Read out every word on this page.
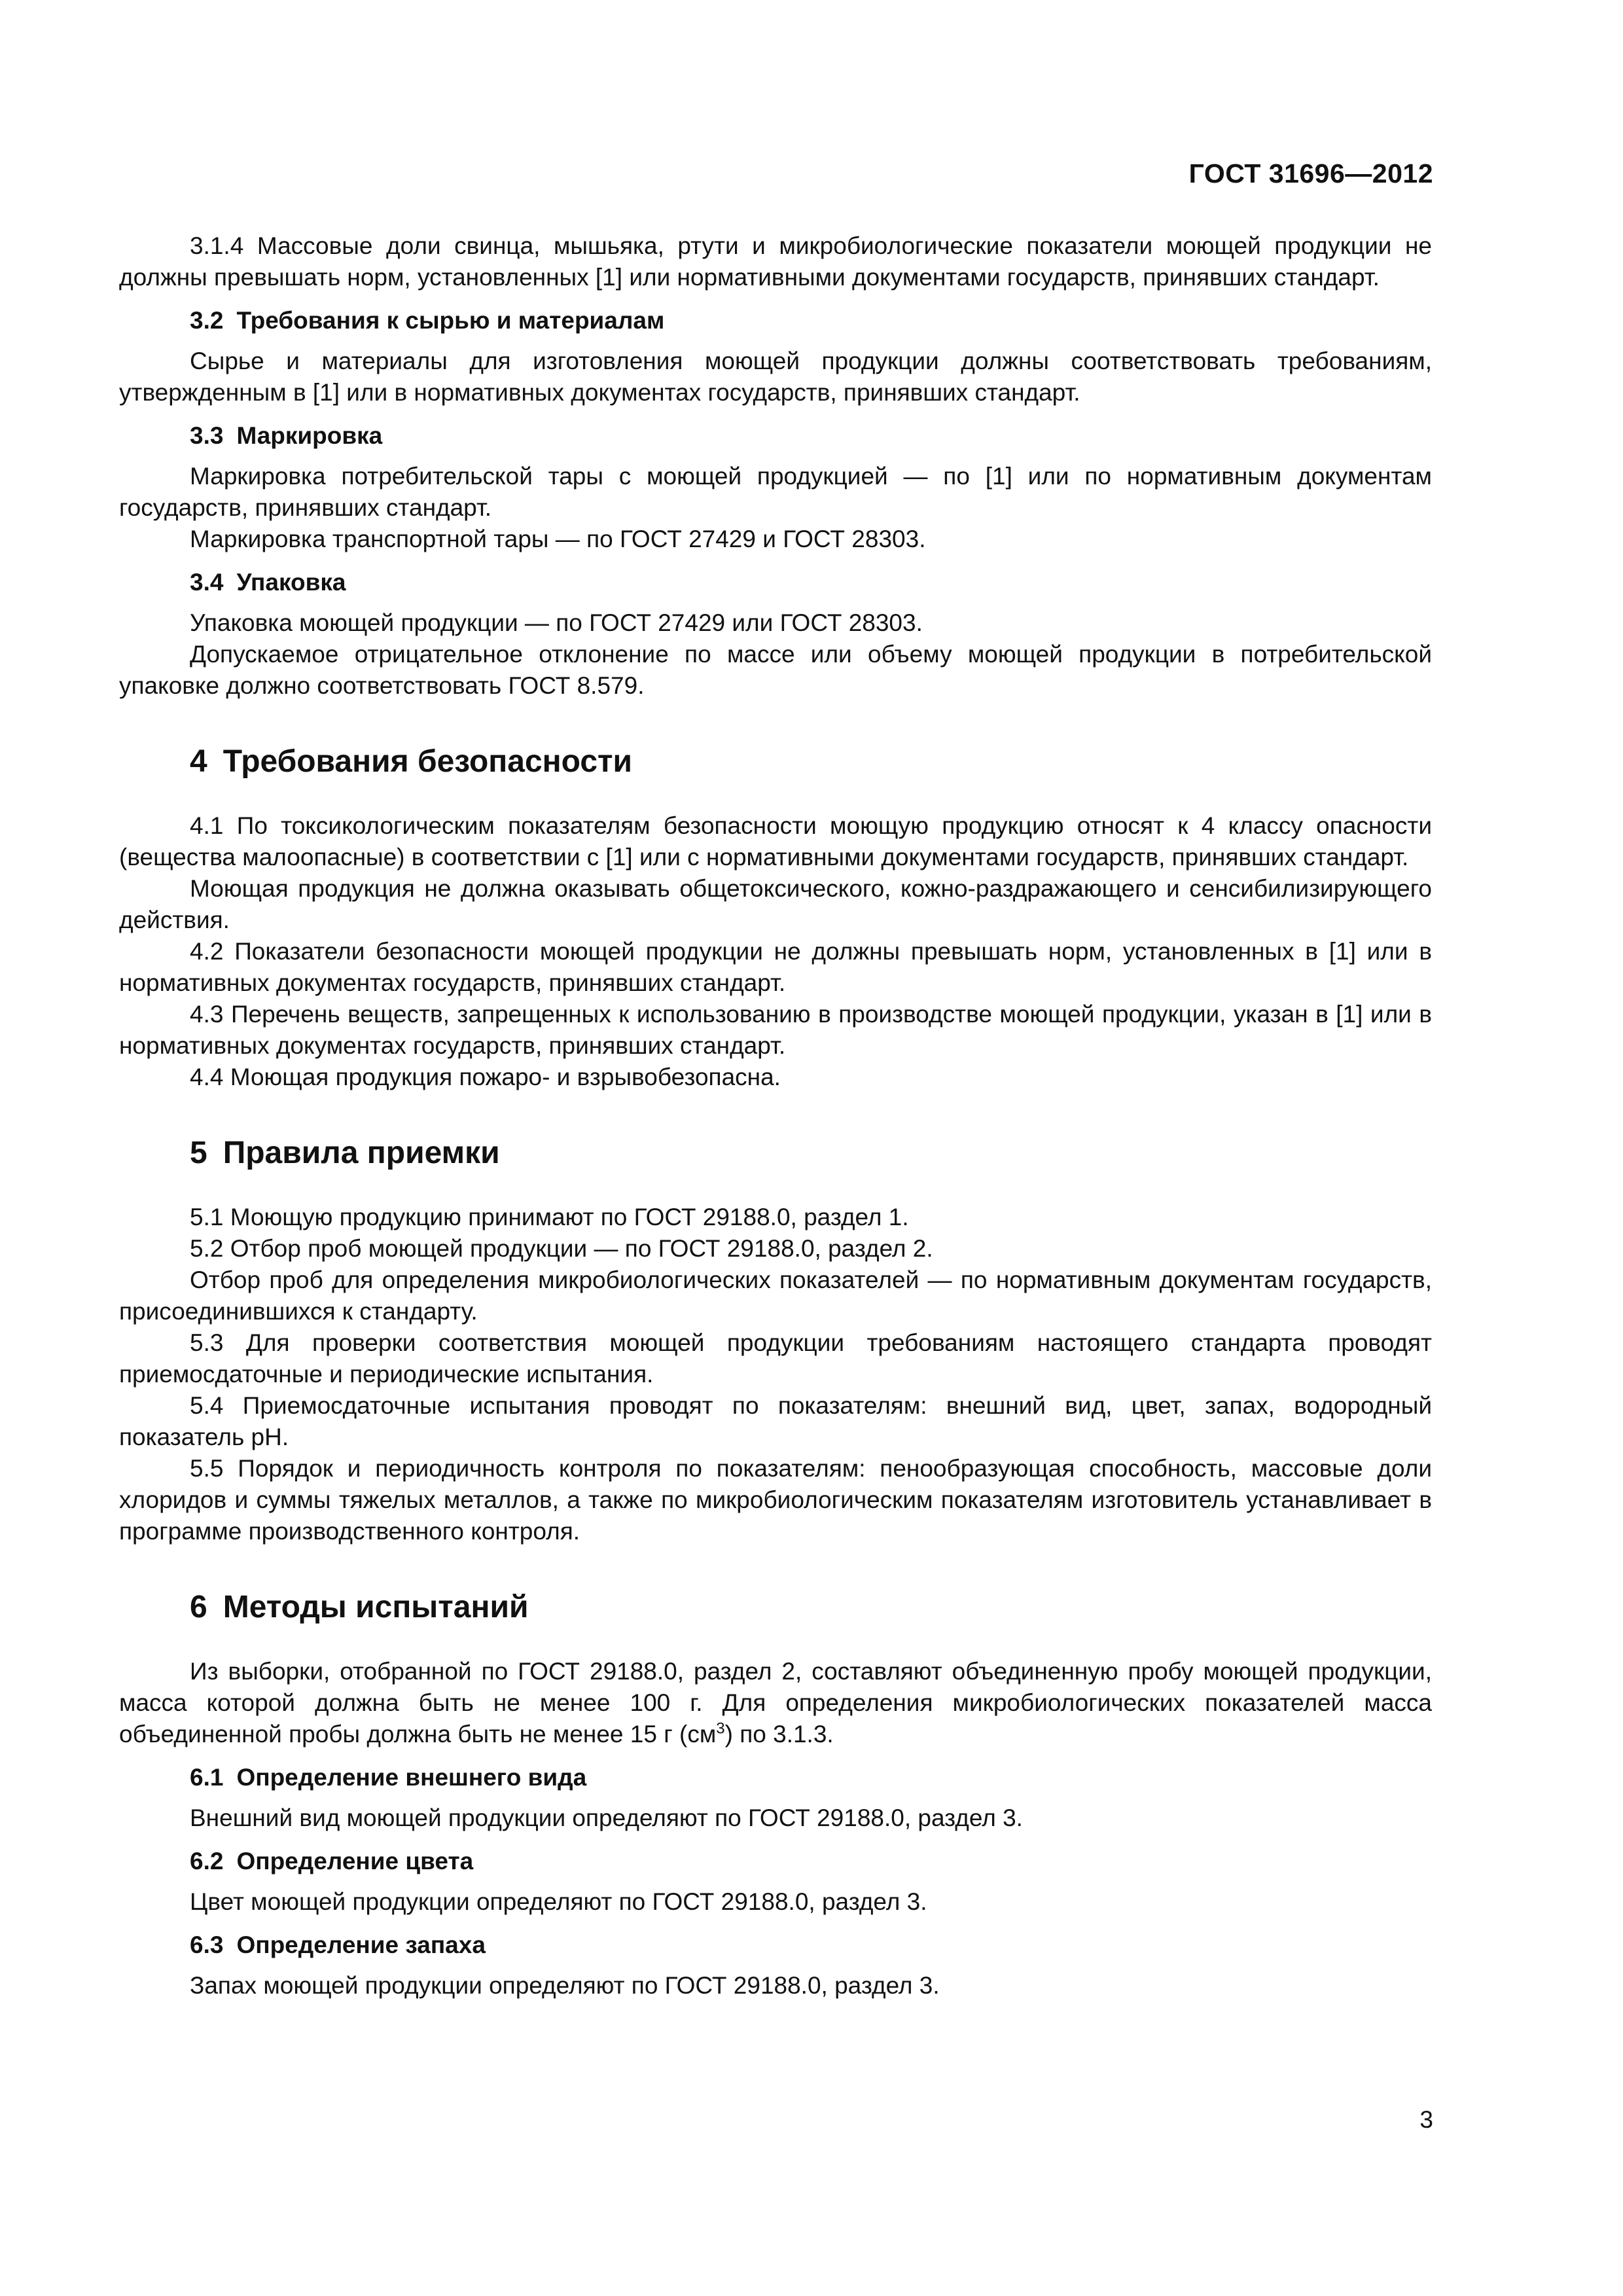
ГОСТ 31696—2012

3.1.4 Массовые доли свинца, мышьяка, ртути и микробиологические показатели моющей продукции не должны превышать норм, установленных [1] или нормативными документами государств, принявших стандарт.

3.2 Требования к сырью и материалам

Сырье и материалы для изготовления моющей продукции должны соответствовать требованиям, утвержденным в [1] или в нормативных документах государств, принявших стандарт.

3.3 Маркировка

Маркировка потребительской тары с моющей продукцией — по [1] или по нормативным документам государств, принявших стандарт.

Маркировка транспортной тары — по ГОСТ 27429 и ГОСТ 28303.

3.4 Упаковка

Упаковка моющей продукции — по ГОСТ 27429 или ГОСТ 28303.

Допускаемое отрицательное отклонение по массе или объему моющей продукции в потребительской упаковке должно соответствовать ГОСТ 8.579.

4 Требования безопасности

4.1 По токсикологическим показателям безопасности моющую продукцию относят к 4 классу опасности (вещества малоопасные) в соответствии с [1] или с нормативными документами государств, принявших стандарт.

Моющая продукция не должна оказывать общетоксического, кожно-раздражающего и сенсибилизирующего действия.

4.2 Показатели безопасности моющей продукции не должны превышать норм, установленных в [1] или в нормативных документах государств, принявших стандарт.

4.3 Перечень веществ, запрещенных к использованию в производстве моющей продукции, указан в [1] или в нормативных документах государств, принявших стандарт.

4.4 Моющая продукция пожаро- и взрывобезопасна.

5 Правила приемки

5.1 Моющую продукцию принимают по ГОСТ 29188.0, раздел 1.

5.2 Отбор проб моющей продукции — по ГОСТ 29188.0, раздел 2.

Отбор проб для определения микробиологических показателей — по нормативным документам государств, присоединившихся к стандарту.

5.3 Для проверки соответствия моющей продукции требованиям настоящего стандарта проводят приемосдаточные и периодические испытания.

5.4 Приемосдаточные испытания проводят по показателям: внешний вид, цвет, запах, водородный показатель pH.

5.5 Порядок и периодичность контроля по показателям: пенообразующая способность, массовые доли хлоридов и суммы тяжелых металлов, а также по микробиологическим показателям изготовитель устанавливает в программе производственного контроля.

6 Методы испытаний

Из выборки, отобранной по ГОСТ 29188.0, раздел 2, составляют объединенную пробу моющей продукции, масса которой должна быть не менее 100 г. Для определения микробиологических показателей масса объединенной пробы должна быть не менее 15 г $(см^3)$ по 3.1.3.

6.1 Определение внешнего вида

Внешний вид моющей продукции определяют по ГОСТ 29188.0, раздел 3.

6.2 Определение цвета

Цвет моющей продукции определяют по ГОСТ 29188.0, раздел 3.

6.3 Определение запаха

Запах моющей продукции определяют по ГОСТ 29188.0, раздел 3.

3
